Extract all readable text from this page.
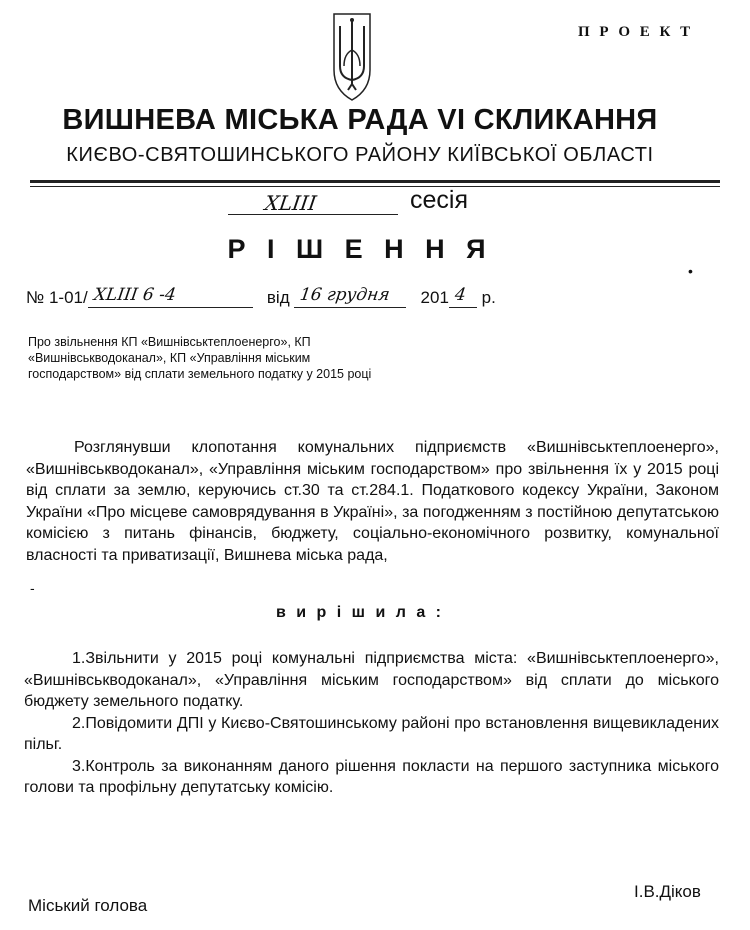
П Р О Е К Т
ВИШНЕВА МІСЬКА РАДА VI СКЛИКАННЯ
КИЄВО-СВЯТОШИНСЬКОГО РАЙОНУ КИЇВСЬКОЇ ОБЛАСТІ
XLIII	сесія
Р І Ш Е Н Н Я
•
№ 1-01/ XLIII 6 -4	від 16 грудня 201 4 р.
Про звільнення КП «Вишнівськтеплоенерго», КП «Вишнівськводоканал», КП «Управління міським господарством» від сплати земельного податку у 2015 році

Розглянувши клопотання комунальних підприємств «Вишнівськтеплоенерго», «Вишнівськводоканал», «Управління міським господарством» про звільнення їх у 2015 році від сплати за землю, керуючись ст.30 та ст.284.1. Податкового кодексу України, Законом України «Про місцеве самоврядування в Україні», за погодженням з постійною депутатською комісією з питань фінансів, бюджету, соціально-економічного розвитку, комунальної власності та приватизації, Вишнева міська рада,

-
в и р і ш и л а :

1.Звільнити у 2015 році комунальні підприємства міста: «Вишнівськтеплоенерго», «Вишнівськводоканал», «Управління міським господарством» від сплати до міського бюджету земельного податку.

2.Повідомити ДПІ у Києво-Святошинському районі про встановлення вищевикладених пільг.

3.Контроль за виконанням даного рішення покласти на першого заступника міського голови та профільну депутатську комісію.

Міський голова
І.В.Діков
